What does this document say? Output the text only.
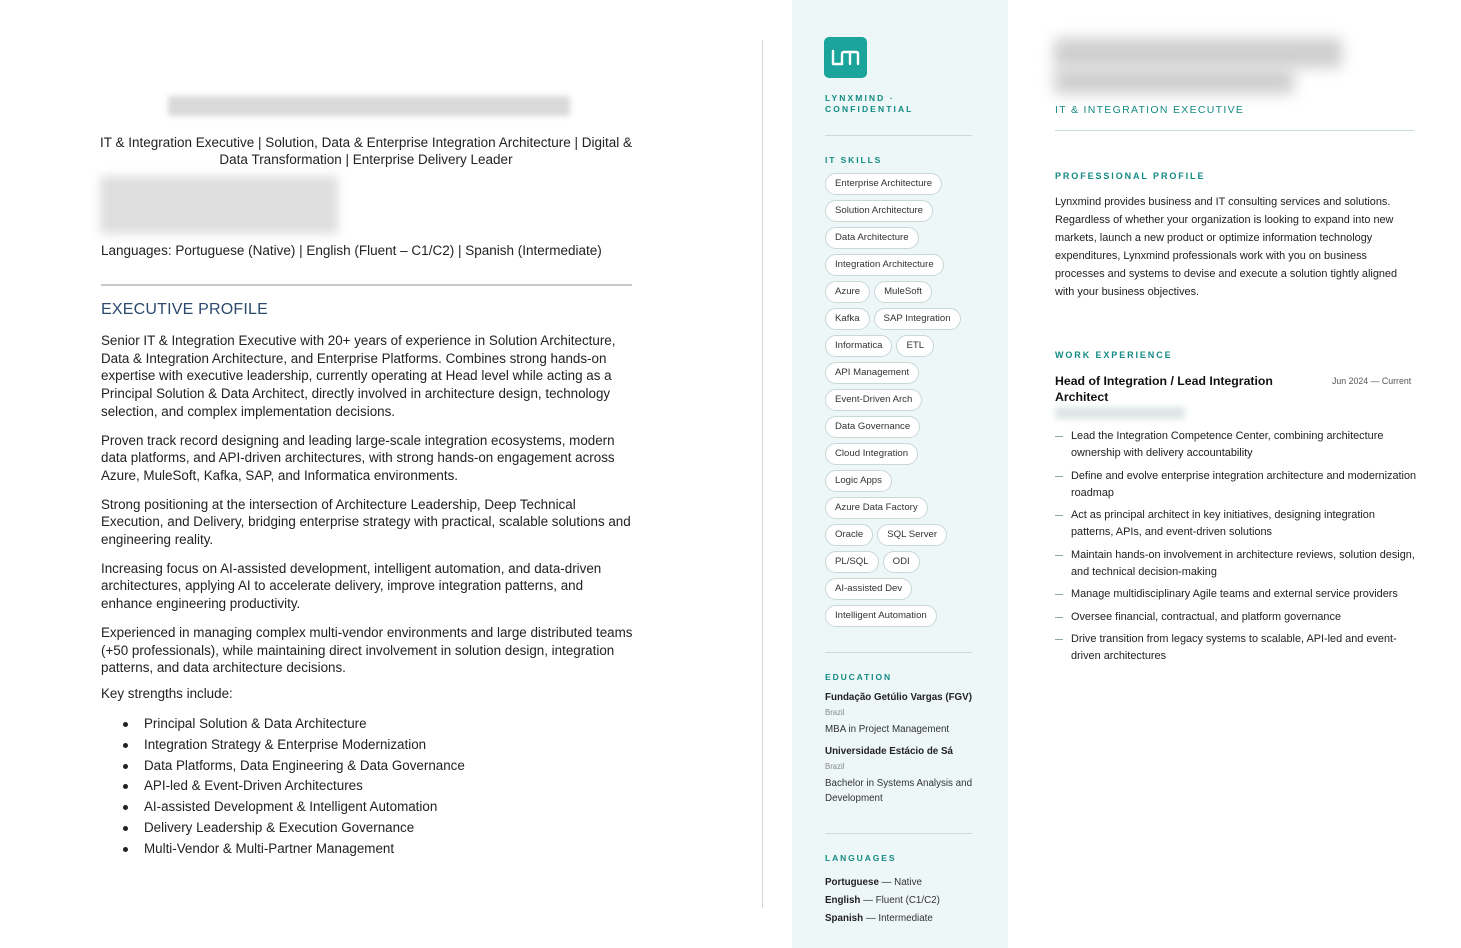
IT & Integration Executive | Solution, Data & Enterprise Integration Architecture | Digital & Data Transformation | Enterprise Delivery Leader
Languages: Portuguese (Native) | English (Fluent – C1/C2) | Spanish (Intermediate)
EXECUTIVE PROFILE

Senior IT & Integration Executive with 20+ years of experience in Solution Architecture, Data & Integration Architecture, and Enterprise Platforms. Combines strong hands-on expertise with executive leadership, currently operating at Head level while acting as a Principal Solution & Data Architect, directly involved in architecture design, technology selection, and complex implementation decisions.

Proven track record designing and leading large-scale integration ecosystems, modern data platforms, and API-driven architectures, with strong hands-on engagement across Azure, MuleSoft, Kafka, SAP, and Informatica environments.

Strong positioning at the intersection of Architecture Leadership, Deep Technical Execution, and Delivery, bridging enterprise strategy with practical, scalable solutions and engineering reality.

Increasing focus on AI-assisted development, intelligent automation, and data-driven architectures, applying AI to accelerate delivery, improve integration patterns, and enhance engineering productivity.

Experienced in managing complex multi-vendor environments and large distributed teams (+50 professionals), while maintaining direct involvement in solution design, integration patterns, and data architecture decisions.

Key strengths include:
Principal Solution & Data Architecture
Integration Strategy & Enterprise Modernization
Data Platforms, Data Engineering & Data Governance
API-led & Event-Driven Architectures
AI-assisted Development & Intelligent Automation
Delivery Leadership & Execution Governance
Multi-Vendor & Multi-Partner Management
LYNXMIND · CONFIDENTIAL
IT SKILLS
Enterprise Architecture
Solution Architecture
Data Architecture
Integration Architecture
Azure	MuleSoft
Kafka	SAP Integration
Informatica	ETL
API Management
Event-Driven Arch
Data Governance
Cloud Integration
Logic Apps
Azure Data Factory
Oracle	SQL Server
PL/SQL	ODI
AI-assisted Dev
Intelligent Automation
EDUCATION
Fundação Getúlio Vargas (FGV)
Brazil
MBA in Project Management
Universidade Estácio de Sá
Brazil
Bachelor in Systems Analysis and Development
LANGUAGES
Portuguese — Native
English — Fluent (C1/C2)
Spanish — Intermediate
IT & INTEGRATION EXECUTIVE
PROFESSIONAL PROFILE
Lynxmind provides business and IT consulting services and solutions. Regardless of whether your organization is looking to expand into new markets, launch a new product or optimize information technology expenditures, Lynxmind professionals work with you on business processes and systems to devise and execute a solution tightly aligned with your business objectives.
WORK EXPERIENCE
Head of Integration / Lead Integration Architect
Jun 2024 — Current
Lead the Integration Competence Center, combining architecture ownership with delivery accountability
Define and evolve enterprise integration architecture and modernization roadmap
Act as principal architect in key initiatives, designing integration patterns, APIs, and event-driven solutions
Maintain hands-on involvement in architecture reviews, solution design, and technical decision-making
Manage multidisciplinary Agile teams and external service providers
Oversee financial, contractual, and platform governance
Drive transition from legacy systems to scalable, API-led and event-driven architectures
